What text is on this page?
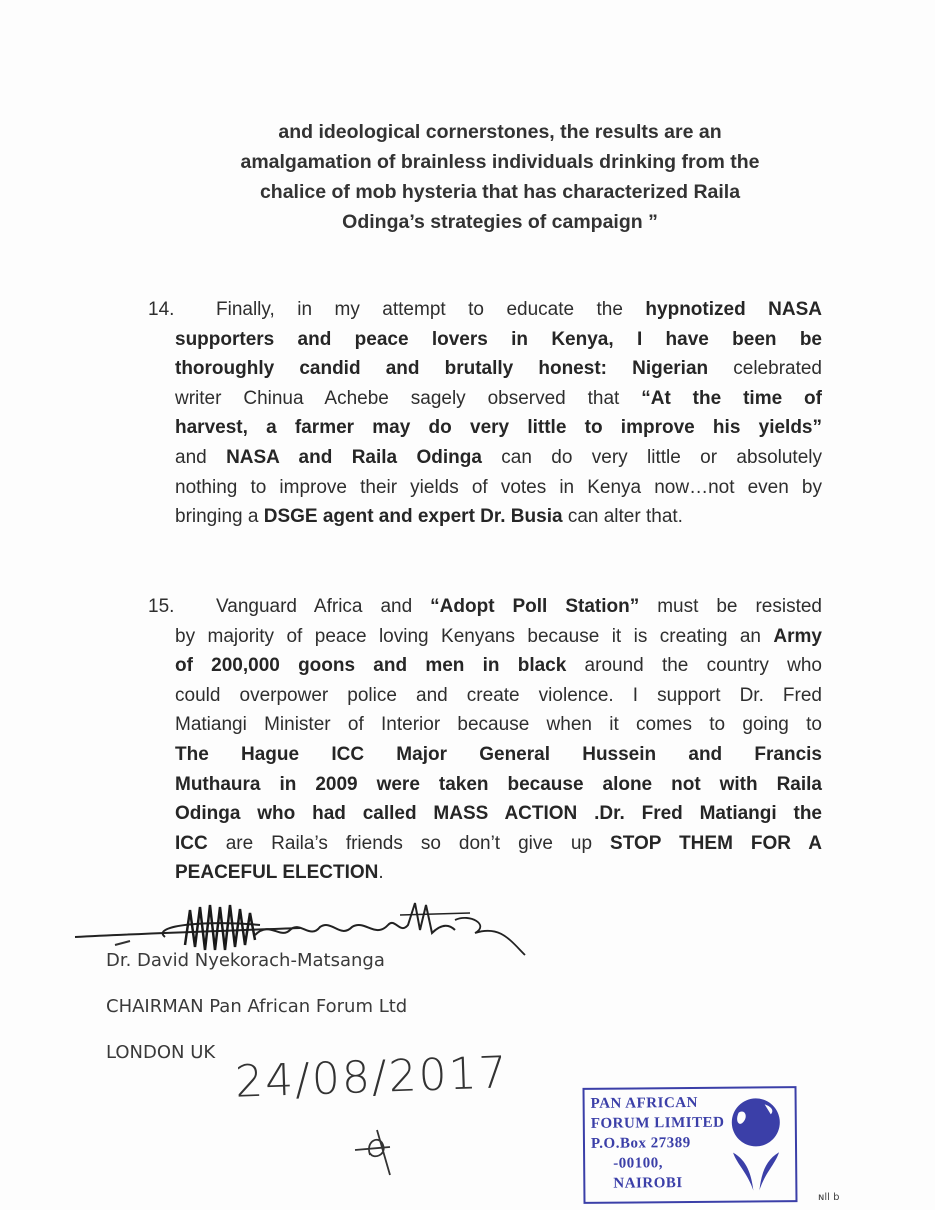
and ideological cornerstones, the results are an
amalgamation of brainless individuals drinking from the
chalice of mob hysteria that has characterized Raila
Odinga’s strategies of campaign ”
14. Finally, in my attempt to educate the hypnotized NASA
supporters and peace lovers in Kenya, I have been be
thoroughly candid and brutally honest: Nigerian celebrated
writer Chinua Achebe sagely observed that “At the time of
harvest, a farmer may do very little to improve his yields”
and NASA and Raila Odinga can do very little or absolutely
nothing to improve their yields of votes in Kenya now…not even by
bringing a DSGE agent and expert Dr. Busia can alter that.
15. Vanguard Africa and “Adopt Poll Station” must be resisted
by majority of peace loving Kenyans because it is creating an Army
of 200,000 goons and men in black around the country who
could overpower police and create violence. I support Dr. Fred
Matiangi Minister of Interior because when it comes to going to
The Hague ICC Major General Hussein and Francis
Muthaura in 2009 were taken because alone not with Raila
Odinga who had called MASS ACTION .Dr. Fred Matiangi the
ICC are Raila’s friends so don’t give up STOP THEM FOR A
PEACEFUL ELECTION.
Dr. David Nyekorach-Matsanga
CHAIRMAN Pan African Forum Ltd
LONDON UK 24/08/2017	PAN AFRICAN
FORUM LIMITED
P.O.Box 27389
-00100,
NAIROBI
ɴll b
